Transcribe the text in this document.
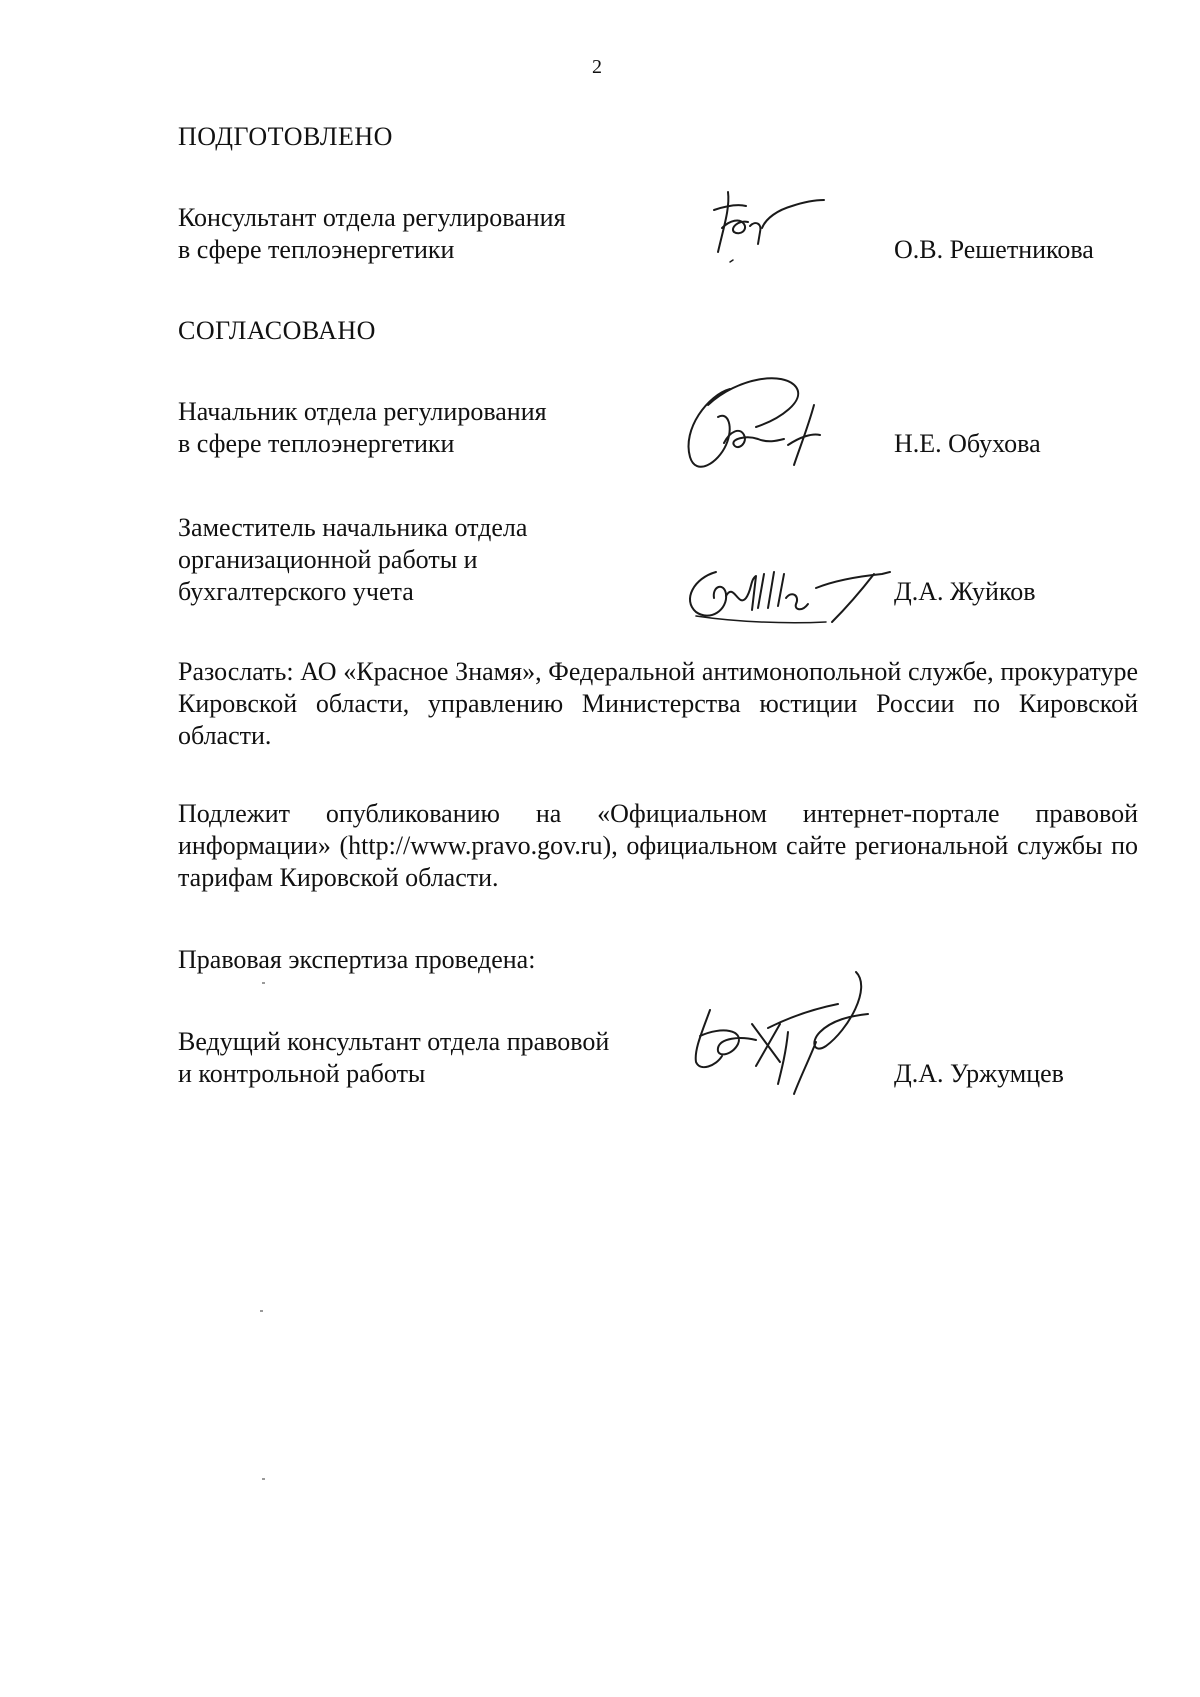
2
ПОДГОТОВЛЕНО
Консультант отдела регулирования
в сфере теплоэнергетики	О.В. Решетникова
СОГЛАСОВАНО
Начальник отдела регулирования
в сфере теплоэнергетики	Н.Е. Обухова
Заместитель начальника отдела
организационной работы и
бухгалтерского учета	Д.А. Жуйков
Разослать: АО «Красное Знамя», Федеральной антимонопольной службе, прокуратуре Кировской области, управлению Министерства юстиции России по Кировской области.
Подлежит опубликованию на «Официальном интернет-портале правовой информации» (http://www.pravo.gov.ru), официальном сайте региональной службы по тарифам Кировской области.
Правовая экспертиза проведена:
Ведущий консультант отдела правовой
и контрольной работы	Д.А. Уржумцев
